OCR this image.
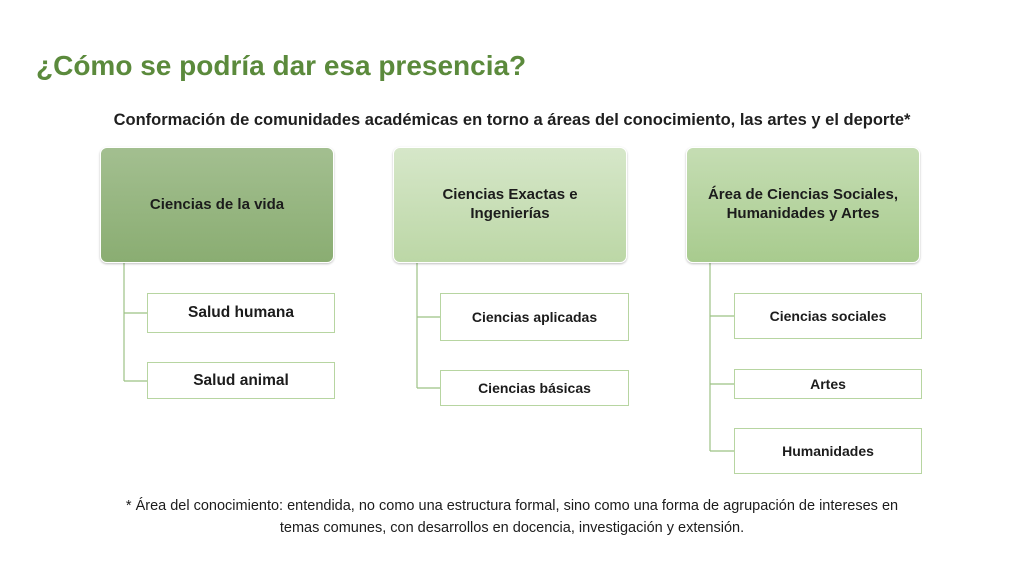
¿Cómo se podría dar esa presencia?
Conformación de comunidades académicas en torno a áreas del conocimiento, las artes y el deporte*
Ciencias de la vida
Salud humana
Salud animal
Ciencias Exactas e Ingenierías
Ciencias aplicadas
Ciencias básicas
Área de Ciencias Sociales, Humanidades y Artes
Ciencias sociales
Artes
Humanidades
* Área del conocimiento: entendida, no como una estructura formal, sino como una forma de agrupación de intereses en
temas comunes, con desarrollos en docencia, investigación y extensión.
